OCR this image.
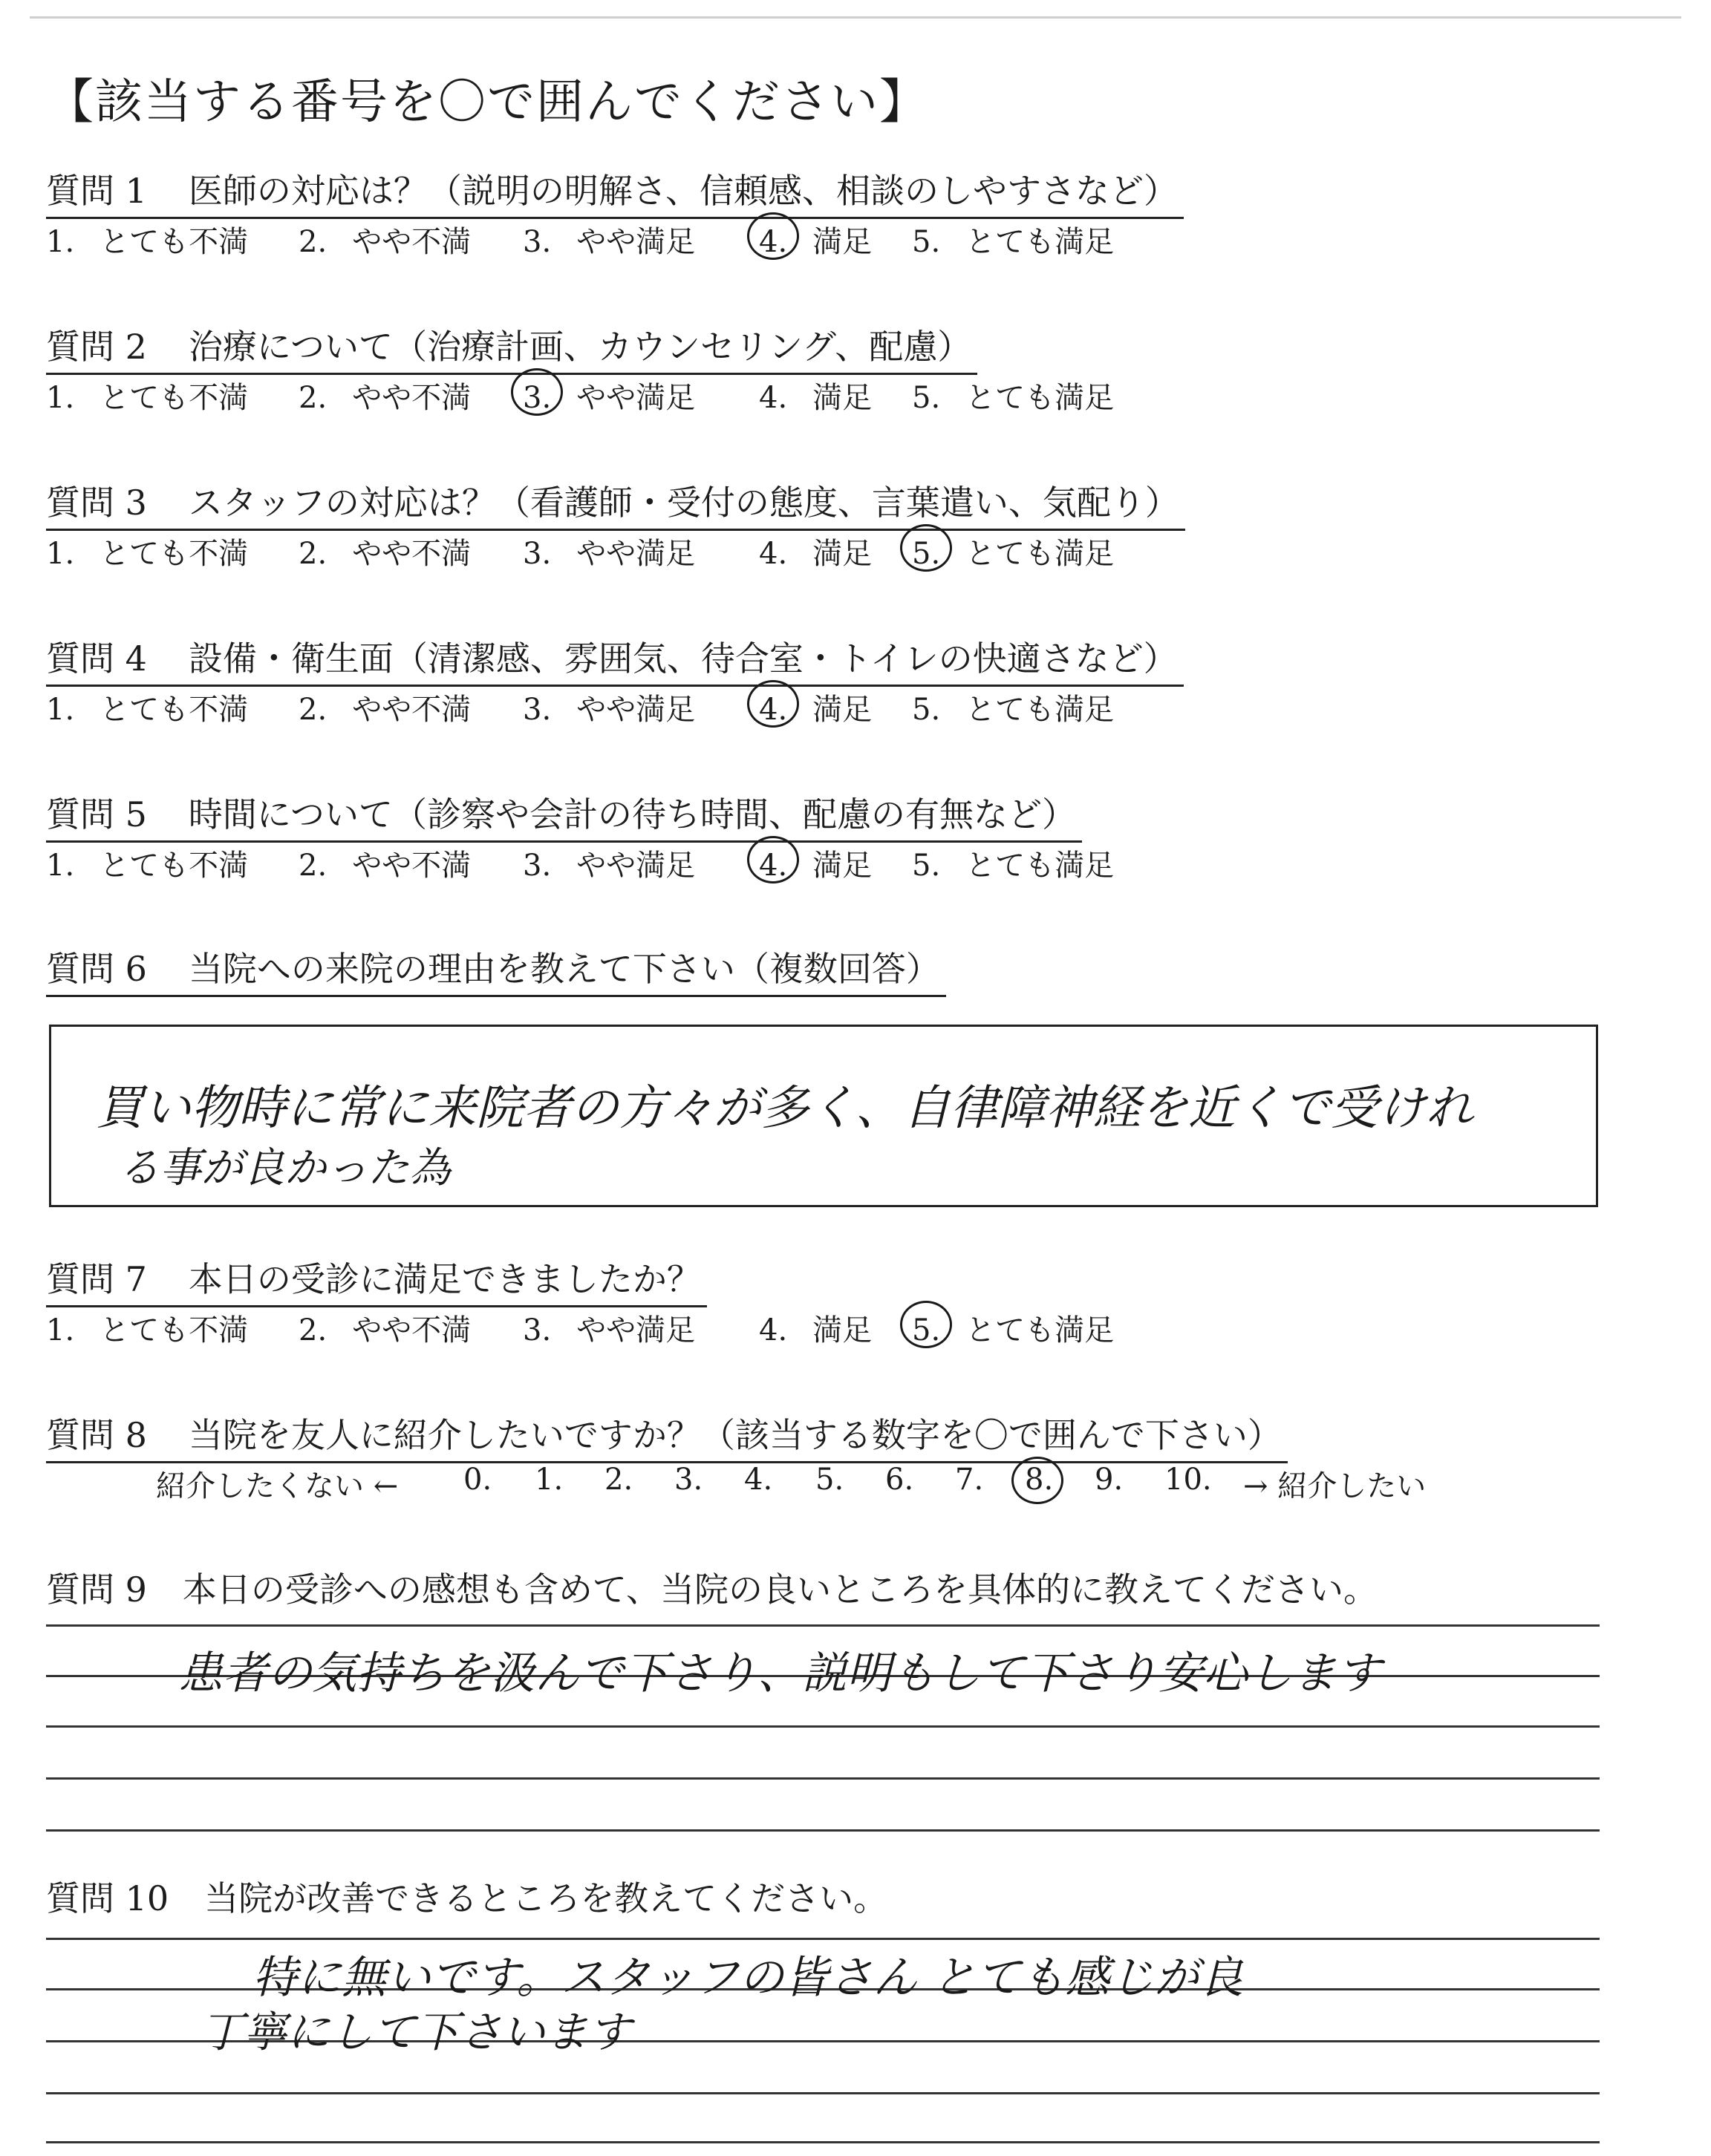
【該当する番号を〇で囲んでください】
質問 1 医師の対応は？（説明の明解さ、信頼感、相談のしやすさなど）
1. とても不満 2. やや不満 3. やや満足 4. 満足 5. とても満足
質問 2 治療について（治療計画、カウンセリング、配慮）
1. とても不満 2. やや不満 3. やや満足 4. 満足 5. とても満足
質問 3 スタッフの対応は？（看護師・受付の態度、言葉遣い、気配り）
1. とても不満 2. やや不満 3. やや満足 4. 満足 5. とても満足
質問 4 設備・衛生面（清潔感、雰囲気、待合室・トイレの快適さなど）
1. とても不満 2. やや不満 3. やや満足 4. 満足 5. とても満足
質問 5 時間について（診察や会計の待ち時間、配慮の有無など）
1. とても不満 2. やや不満 3. やや満足 4. 満足 5. とても満足
質問 6 当院への来院の理由を教えて下さい（複数回答）
買い物時に常に来院者の方々が多く、自律障神経を近くで受けれ
る事が良かった為
質問 7 本日の受診に満足できましたか？
1. とても不満 2. やや不満 3. やや満足 4. 満足 5. とても満足
質問 8 当院を友人に紹介したいですか？（該当する数字を〇で囲んで下さい）
紹介したくない ← 0. 1. 2. 3. 4. 5. 6. 7. 8. 9. 10. → 紹介したい
質問 9 本日の受診への感想も含めて、当院の良いところを具体的に教えてください。
患者の気持ちを汲んで下さり、説明もして下さり安心します
質問 10 当院が改善できるところを教えてください。
特に無いです。スタッフの皆さん とても感じが良
丁寧にして下さいます
